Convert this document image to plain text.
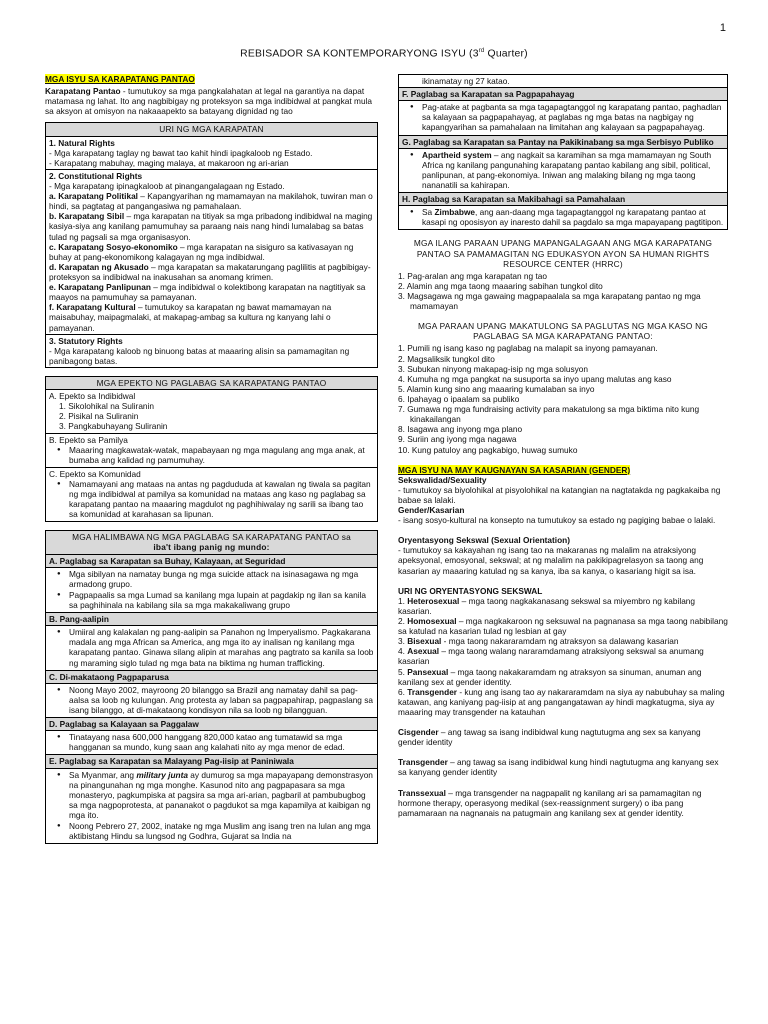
1
REBISADOR SA KONTEMPORARYONG ISYU (3rd Quarter)
MGA ISYU SA KARAPATANG PANTAO
Karapatang Pantao - tumutukoy sa mga pangkalahatan at legal na garantiya na dapat matamasa ng lahat. Ito ang nagbibigay ng proteksyon sa mga indibidwal at pangkat mula sa aksyon at omisyon na nakaaapekto sa batayang dignidad ng tao
URI NG MGA KARAPATAN

1. Natural Rights
- Mga karapatang taglay ng bawat tao kahit hindi ipagkaloob ng Estado.
- Karapatang mabuhay, maging malaya, at makaroon ng ari-arian

2. Constitutional Rights
- Mga karapatang ipinagkaloob at pinangangalagaan ng Estado.
a. Karapatang Politikal – Kapangyarihan ng mamamayan na makilahok, tuwiran man o hindi, sa pagtatag at pangangasiwa ng pamahalaan.
b. Karapatang Sibil – mga karapatan na titiyak sa mga pribadong indibidwal na maging kasiya-siya ang kanilang pamumuhay sa paraang nais nang hindi lumalabag sa batas tulad ng pagsali sa mga organisasyon.
c. Karapatang Sosyo-ekonomiko – mga karapatan na sisiguro sa kativasayan ng buhay at pang-ekonomikong kalagayan ng mga indibidwal.
d. Karapatan ng Akusado – mga karapatan sa makatarungang paglilitis at pagbibigay-proteksyon sa indibidwal na inakusahan sa anomang krimen.
e. Karapatang Panlipunan – mga indibidwal o kolektibong karapatan na nagtitiyak sa maayos na pamumuhay sa pamayanan.
f. Karapatang Kultural – tumutukoy sa karapatan ng bawat mamamayan na maisabuhay, maipagmalaki, at makapag-ambag sa kultura ng kanyang lahi o pamayanan.

3. Statutory Rights
- Mga karapatang kaloob ng binuong batas at maaaring alisin sa pamamagitan ng panibagong batas.
MGA EPEKTO NG PAGLABAG SA KARAPATANG PANTAO

A. Epekto sa Indibidwal
1. Sikolohikal na Suliranin
2. Pisikal na Suliranin
3. Pangkabuhayang Suliranin

B. Epekto sa Pamilya
● Maaaring magkawatak-watak, mapabayaan ng mga magulang ang mga anak, at bumaba ang kalidad ng pamumuhay.

C. Epekto sa Komunidad
● Namamayani ang mataas na antas ng pagdududa at kawalan ng tiwala sa pagitan ng mga indibidwal at pamilya sa komunidad na mataas ang kaso ng paglabag sa karapatang pantao na maaaring magdulot ng paghihiwalay ng sarili sa ibang tao sa komunidad at karahasan sa lipunan.
MGA HALIMBAWA NG MGA PAGLABAG SA KARAPATANG PANTAO sa
iba't ibang panig ng mundo:

A. Paglabag sa Karapatan sa Buhay, Kalayaan, at Seguridad

● Mga sibilyan na namatay bunga ng mga suicide attack na isinasagawa ng mga armadong grupo.
● Pagpapaalis sa mga Lumad sa kanilang mga lupain at pagdakip ng ilan sa kanila sa paghihinala na kabilang sila sa mga makakaliwang grupo

B. Pang-aalipin

● Umiiral ang kalakalan ng pang-aalipin sa Panahon ng Imperyalismo. Pagkakarana madala ang mga African sa America, ang mga ito ay inalisan ng kanilang mga karapatang pantao. Ginawa silang alipin at marahas ang pagtrato sa kanila sa loob ng maraming siglo tulad ng mga bata na biktima ng human trafficking.

C. Di-makataong Pagpaparusa

● Noong Mayo 2002, mayroong 20 bilanggo sa Brazil ang namatay dahil sa pag-aalsa sa loob ng kulungan. Ang protesta ay laban sa pagpapahirap, pagpaslang sa isang bilanggo, at di-makataong kondisyon nila sa loob ng bilangguan.

D. Paglabag sa Kalayaan sa Paggalaw

● Tinatayang nasa 600,000 hanggang 820,000 katao ang tumatawid sa mga hangganan sa mundo, kung saan ang kalahati nito ay mga menor de edad.

E. Paglabag sa Karapatan sa Malayang Pag-iisip at Paniniwala

● Sa Myanmar, ang military junta ay dumurog sa mga mapayapang demonstrasyon na pinangunahan ng mga monghe. Kasunod nito ang pagpapasara sa mga monasteryo, pagkumpiska at pagsira sa mga ari-arian, pagbaril at pambubugbog sa mga nagpoprotesta, at pananakot o pagdukot sa mga kapamilya at kaibigan ng mga ito.
● Noong Pebrero 27, 2002, inatake ng mga Muslim ang isang tren na lulan ang mga aktibistang Hindu sa lungsod ng Godhra, Gujarat sa India na
ikinamatay ng 27 katao.
F. Paglabag sa Karapatan sa Pagpapahayag

● Pag-atake at pagbanta sa mga tagapagtanggol ng karapatang pantao, paghadlan sa kalayaan sa pagpapahayag, at paglabas ng mga batas na nagbigay ng kapangyarihan sa pamahalaan na limitahan ang kalayaan sa pagpapahayag.

G. Paglabag sa Karapatan sa Pantay na Pakikinabang sa mga Serbisyo Publiko

● Apartheid system – ang nagkait sa karamihan sa mga mamamayan ng South Africa ng kanilang pangunahing karapatang pantao kabilang ang sibil, political, panlipunan, at pang-ekonomiya. Iniwan ang malaking bilang ng mga taong nananatili sa kahirapan.

H. Paglabag sa Karapatan sa Makibahagi sa Pamahalaan

● Sa Zimbabwe, ang aan-daang mga tagapagtanggol ng karapatang pantao at kasapi ng oposisyon ay inaresto dahil sa pagdalo sa mga mapayapang pagtitipon.
MGA ILANG PARAAN UPANG MAPANGALAGAAN ANG MGA KARAPATANG PANTAO SA PAMAMAGITAN NG EDUKASYON AYON SA HUMAN RIGHTS RESOURCE CENTER (HRRC)
1. Pag-aralan ang mga karapatan ng tao
2. Alamin ang mga taong maaaring sabihan tungkol dito
3. Magsagawa ng mga gawaing magpapaalala sa mga karapatang pantao ng mga mamamayan
MGA PARAAN UPANG MAKATULONG SA PAGLUTAS NG MGA KASO NG PAGLABAG SA MGA KARAPATANG PANTAO:
1. Pumili ng isang kaso ng paglabag na malapit sa inyong pamayanan.
2. Magsaliksik tungkol dito
3. Subukan ninyong makapag-isip ng mga solusyon
4. Kumuha ng mga pangkat na susuporta sa inyo upang malutas ang kaso
5. Alamin kung sino ang maaaring kumalaban sa inyo
6. Ipahayag o ipaalam sa publiko
7. Gumawa ng mga fundraising activity para makatulong sa mga biktima nito kung kinakailangan
8. Isagawa ang inyong mga plano
9. Suriin ang iyong mga nagawa
10. Kung patuloy ang pagkabigo, huwag sumuko
MGA ISYU NA MAY KAUGNAYAN SA KASARIAN (GENDER)
Sekswalidad/Sexuality
- tumutukoy sa biyolohikal at pisyolohikal na katangian na nagtatakda ng pagkakaiba ng babae sa lalaki.
Gender/Kasarian
- isang sosyo-kultural na konsepto na tumutukoy sa estado ng pagiging babae o lalaki.
Oryentasyong Sekswal (Sexual Orientation)
- tumutukoy sa kakayahan ng isang tao na makaranas ng malalim na atraksiyong apeksyonal, emosyonal, sekswal; at ng malalim na pakikipagrelasyon sa taong ang kasarian ay maaaring katulad ng sa kanya, iba sa kanya, o kasariang higit sa isa.
URI NG ORYENTASYONG SEKSWAL
1. Heterosexual – mga taong nagkakanasang sekswal sa miyembro ng kabilang kasarian.
2. Homosexual – mga nagkakaroon ng seksuwal na pagnanasa sa mga taong nabibilang sa katulad na kasarian tulad ng lesbian at gay
3. Bisexual - mga taong nakararamdam ng atraksyon sa dalawang kasarian
4. Asexual – mga taong walang nararamdamang atraksiyong sekswal sa anumang kasarian
5. Pansexual – mga taong nakakaramdam ng atraksyon sa sinuman, anuman ang kanilang sex at gender identity.
6. Transgender - kung ang isang tao ay nakararamdam na siya ay nabubuhay sa maling katawan, ang kaniyang pag-iisip at ang pangangatawan ay hindi magkatugma, siya ay maaaring may transgender na katauhan
Cisgender – ang tawag sa isang indibidwal kung nagtutugma ang sex sa kanyang gender identity
Transgender – ang tawag sa isang indibidwal kung hindi nagtutugma ang kanyang sex sa kanyang gender identity
Transsexual – mga transgender na nagpapalit ng kanilang ari sa pamamagitan ng hormone therapy, operasyong medikal (sex-reassignment surgery) o iba pang pamamaraan na nagnanais na patugmain ang kanilang sex at gender identity.
